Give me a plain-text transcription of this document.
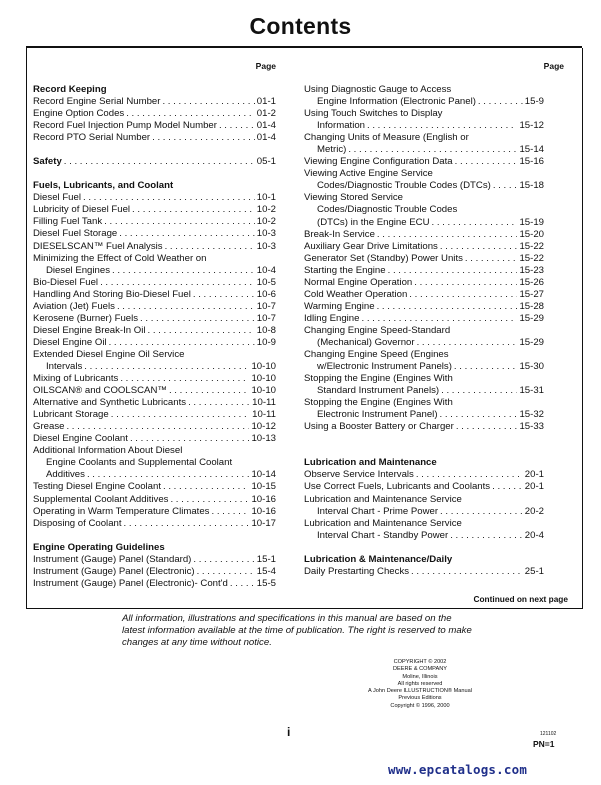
Contents
Page
Record Keeping
Record Engine Serial Number . . .	01-1
Engine Option Codes . . .	01-2
Record Fuel Injection Pump Model Number . . .	01-4
Record PTO Serial Number . . .	01-4
Safety . . .	05-1
Fuels, Lubricants, and Coolant
Diesel Fuel . . .	10-1
Lubricity of Diesel Fuel . . .	10-2
Filling Fuel Tank . . .	10-2
Diesel Fuel Storage . . .	10-3
DIESELSCAN™ Fuel Analysis . . .	10-3
Minimizing the Effect of Cold Weather on
Diesel Engines . . .	10-4
Bio-Diesel Fuel . . .	10-5
Handling And Storing Bio-Diesel Fuel . . .	10-6
Aviation (Jet) Fuels . . .	10-7
Kerosene (Burner) Fuels . . .	10-7
Diesel Engine Break-In Oil . . .	10-8
Diesel Engine Oil . . .	10-9
Extended Diesel Engine Oil Service
Intervals . . .	10-10
Mixing of Lubricants . . .	10-10
OILSCAN® and COOLSCAN™ . . .	10-10
Alternative and Synthetic Lubricants . . .	10-11
Lubricant Storage . . .	10-11
Grease . . .	10-12
Diesel Engine Coolant . . .	10-13
Additional Information About Diesel
Engine Coolants and Supplemental Coolant
Additives . . .	10-14
Testing Diesel Engine Coolant . . .	10-15
Supplemental Coolant Additives . . .	10-16
Operating in Warm Temperature Climates . . .	10-16
Disposing of Coolant . . .	10-17
Engine Operating Guidelines
Instrument (Gauge) Panel (Standard) . . .	15-1
Instrument (Gauge) Panel (Electronic) . . .	15-4
Instrument (Gauge) Panel (Electronic)- Cont'd . . .	15-5
Page
Using Diagnostic Gauge to Access
Engine Information (Electronic Panel) . . .	15-9
Using Touch Switches to Display
Information . . .	15-12
Changing Units of Measure (English or
Metric) . . .	15-14
Viewing Engine Configuration Data . . .	15-16
Viewing Active Engine Service
Codes/Diagnostic Trouble Codes (DTCs) . . .	15-18
Viewing Stored Service
Codes/Diagnostic Trouble Codes
(DTCs) in the Engine ECU . . .	15-19
Break-In Service . . .	15-20
Auxiliary Gear Drive Limitations . . .	15-22
Generator Set (Standby) Power Units . . .	15-22
Starting the Engine . . .	15-23
Normal Engine Operation . . .	15-26
Cold Weather Operation . . .	15-27
Warming Engine . . .	15-28
Idling Engine . . .	15-29
Changing Engine Speed-Standard
(Mechanical) Governor . . .	15-29
Changing Engine Speed (Engines
w/Electronic Instrument Panels) . . .	15-30
Stopping the Engine (Engines With
Standard Instrument Panels) . . .	15-31
Stopping the Engine (Engines With
Electronic Instrument Panel) . . .	15-32
Using a Booster Battery or Charger . . .	15-33
Lubrication and Maintenance
Observe Service Intervals . . .	20-1
Use Correct Fuels, Lubricants and Coolants . . .	20-1
Lubrication and Maintenance Service
Interval Chart - Prime Power . . .	20-2
Lubrication and Maintenance Service
Interval Chart - Standby Power . . .	20-4
Lubrication & Maintenance/Daily
Daily Prestarting Checks . . .	25-1
Continued on next page
All information, illustrations and specifications in this manual are based on the latest information available at the time of publication. The right is reserved to make changes at any time without notice.
COPYRIGHT © 2002
DEERE & COMPANY
Moline, Illinois
All rights reserved
A John Deere ILLUSTRUCTION® Manual
Previous Editions
Copyright © 1996, 2000
i	121102
PN=1
www.epcatalogs.com
